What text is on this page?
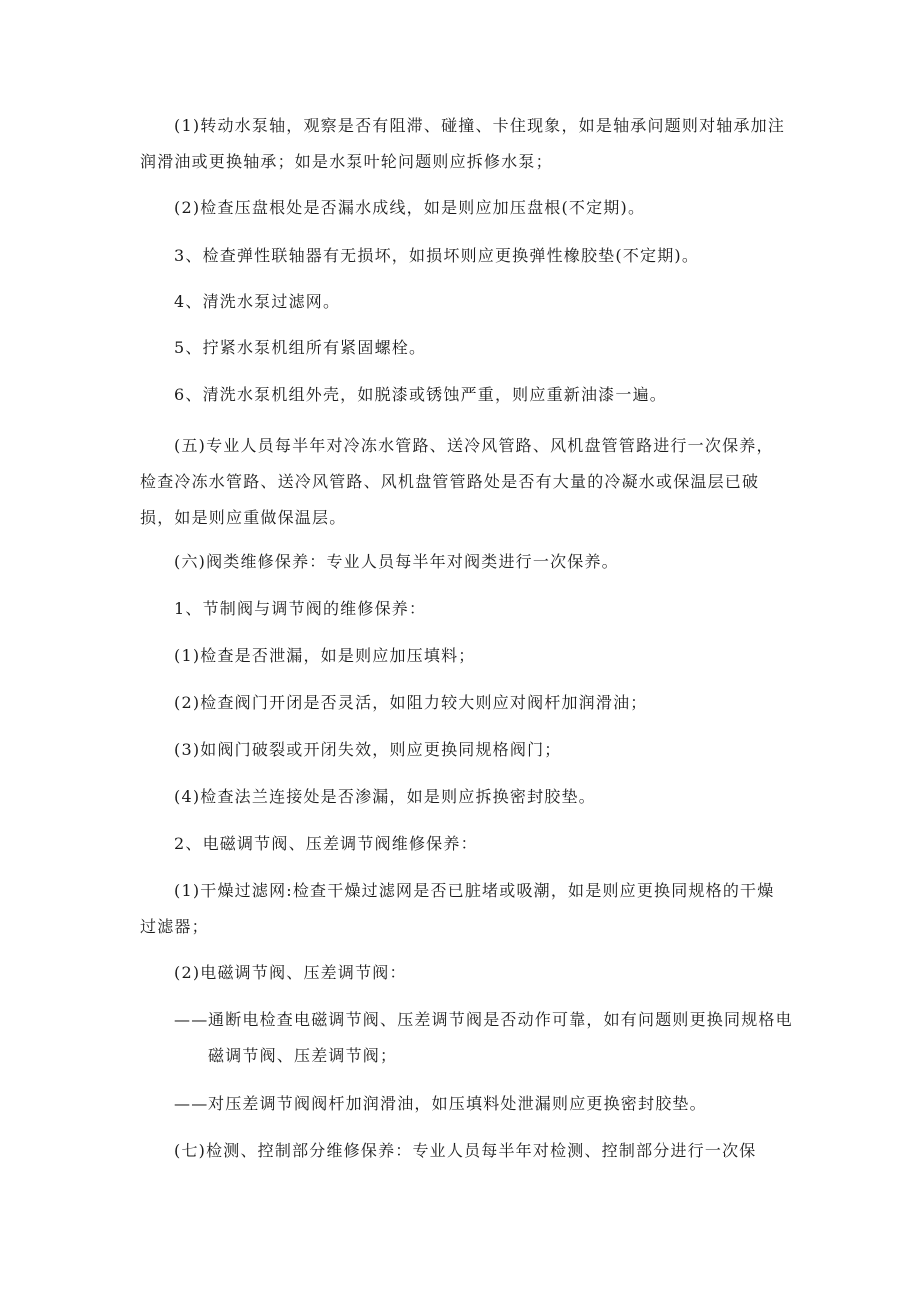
(1)转动水泵轴，观察是否有阻滞、碰撞、卡住现象，如是轴承问题则对轴承加注润滑油或更换轴承；如是水泵叶轮问题则应拆修水泵；
(2)检查压盘根处是否漏水成线，如是则应加压盘根(不定期)。
3、检查弹性联轴器有无损坏，如损坏则应更换弹性橡胶垫(不定期)。
4、清洗水泵过滤网。
5、拧紧水泵机组所有紧固螺栓。
6、清洗水泵机组外壳，如脱漆或锈蚀严重，则应重新油漆一遍。
(五)专业人员每半年对冷冻水管路、送冷风管路、风机盘管管路进行一次保养，检查冷冻水管路、送冷风管路、风机盘管管路处是否有大量的冷凝水或保温层已破损，如是则应重做保温层。
(六)阀类维修保养：专业人员每半年对阀类进行一次保养。
1、节制阀与调节阀的维修保养：
(1)检查是否泄漏，如是则应加压填料；
(2)检查阀门开闭是否灵活，如阻力较大则应对阀杆加润滑油；
(3)如阀门破裂或开闭失效，则应更换同规格阀门；
(4)检查法兰连接处是否渗漏，如是则应拆换密封胶垫。
2、电磁调节阀、压差调节阀维修保养：
(1)干燥过滤网:检查干燥过滤网是否已脏堵或吸潮，如是则应更换同规格的干燥过滤器；
(2)电磁调节阀、压差调节阀：
——通断电检查电磁调节阀、压差调节阀是否动作可靠，如有问题则更换同规格电
磁调节阀、压差调节阀；
——对压差调节阀阀杆加润滑油，如压填料处泄漏则应更换密封胶垫。
(七)检测、控制部分维修保养：专业人员每半年对检测、控制部分进行一次保
